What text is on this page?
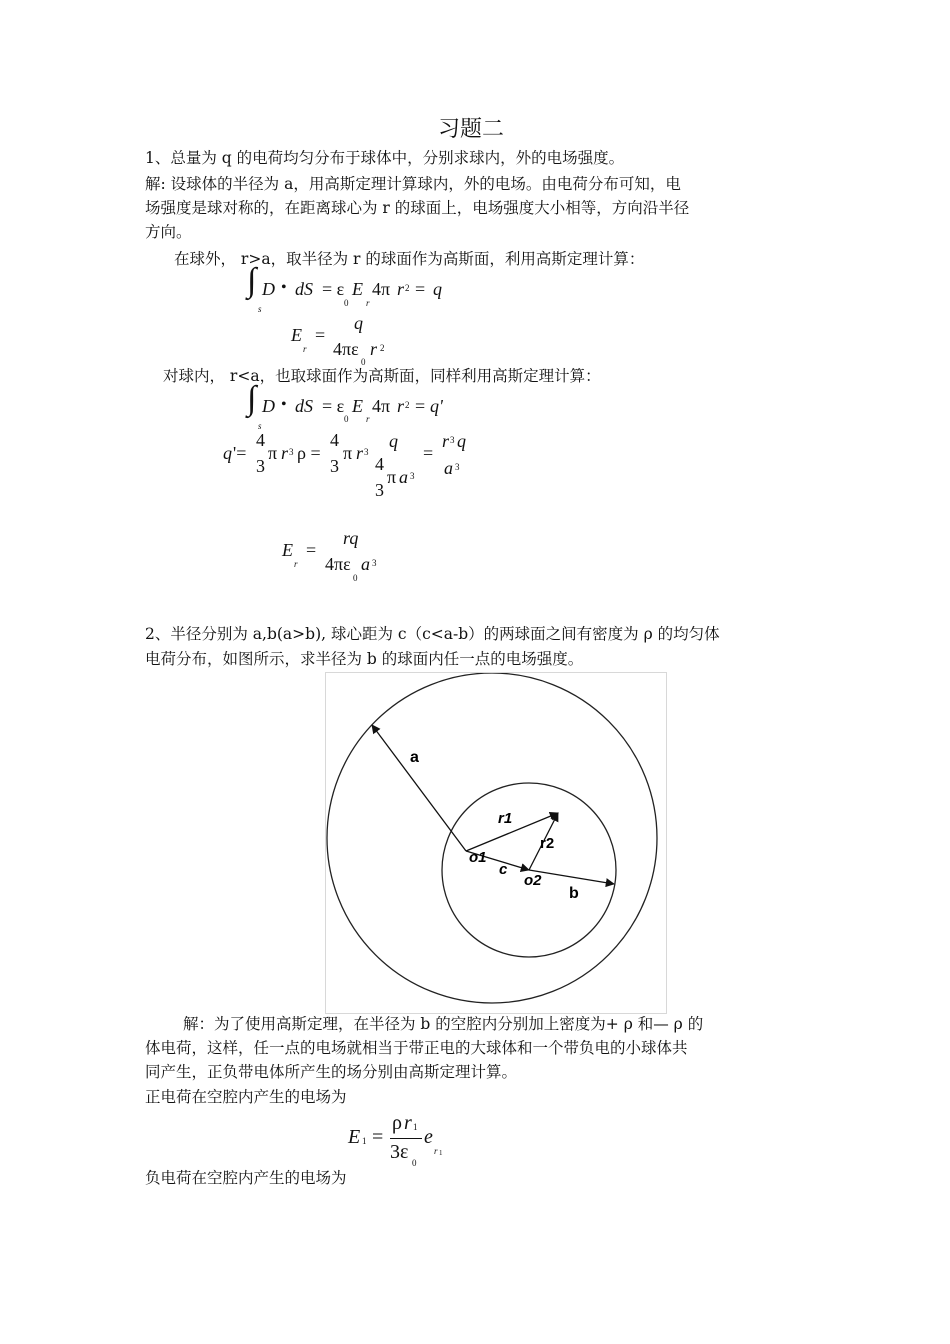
习题二
1、总量为 q 的电荷均匀分布于球体中，分别求球内，外的电场强度。
解: 设球体的半径为 a，用高斯定理计算球内，外的电场。由电荷分布可知，电
场强度是球对称的，在距离球心为 r 的球面上，电场强度大小相等，方向沿半径
方向。
在球外， r>a，取半径为 r 的球面作为高斯面，利用高斯定理计算：
∫ D • dS = ε E 4π r 2 = q
s
0 r
E
r
=
q
4πε r 2
0
对球内， r<a，也取球面作为高斯面，同样利用高斯定理计算：
∫ D • dS = ε E 4π r 2 = q'
s
0 r
q '=
4
3
π r 3 ρ =
4
3
π r 3
q
4
π a 3
3
=
r 3 q
a 3
E
r
=
rq
4πε a 3
0
2、半径分别为 a,b(a>b), 球心距为 c（c<a-b）的两球面之间有密度为 ρ 的均匀体
电荷分布，如图所示，求半径为 b 的球面内任一点的电场强度。
a
r1
r2
o1
c
o2
b
解：为了使用高斯定理，在半径为 b 的空腔内分别加上密度为+ ρ 和— ρ 的
体电荷，这样，任一点的电场就相当于带正电的大球体和一个带负电的小球体共
同产生，正负带电体所产生的场分别由高斯定理计算。
正电荷在空腔内产生的电场为
E 1 =
ρ r 1
3ε 0
e
r 1
负电荷在空腔内产生的电场为
